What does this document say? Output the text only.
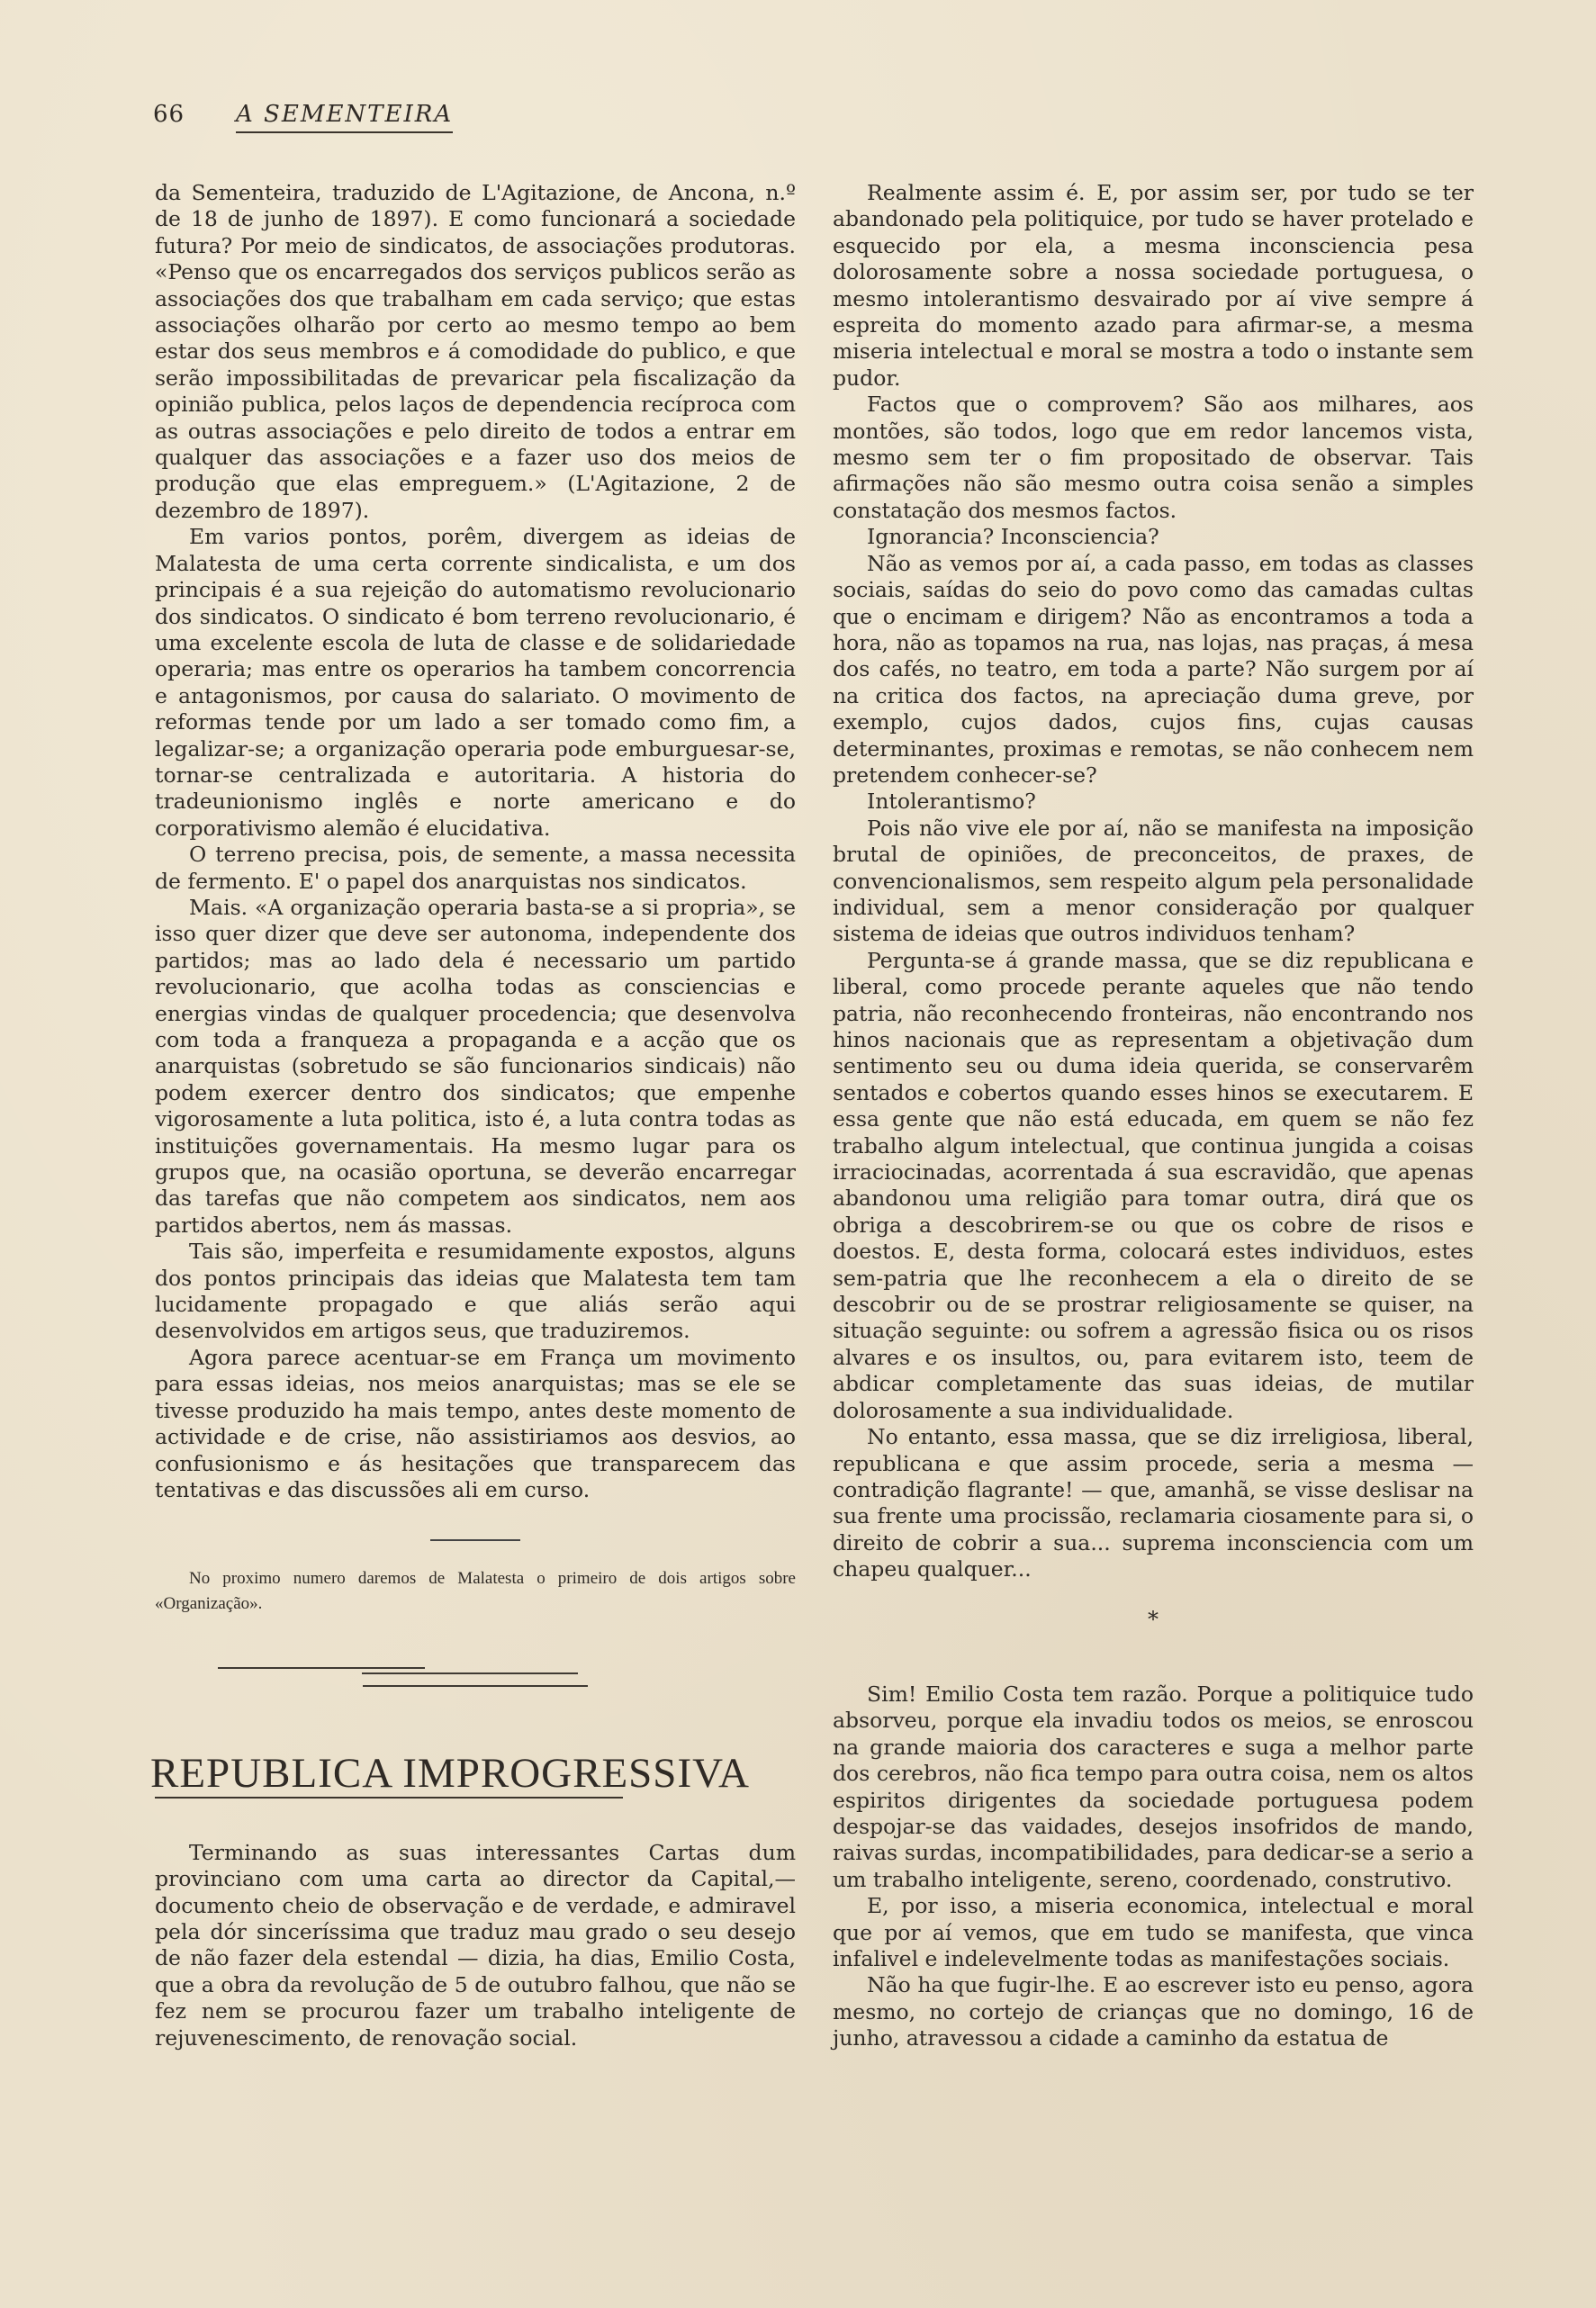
66 A SEMENTEIRA

da Sementeira, traduzido de L'Agitazione, de Ancona, n.º de 18 de junho de 1897). E como funcionará a sociedade futura? Por meio de sindicatos, de associações produtoras. «Penso que os encarregados dos serviços publicos serão as associações dos que trabalham em cada serviço; que estas associações olharão por certo ao mesmo tempo ao bem estar dos seus membros e á comodidade do publico, e que serão impossibilitadas de prevaricar pela fiscalização da opinião publica, pelos laços de dependencia recíproca com as outras associações e pelo direito de todos a entrar em qualquer das associações e a fazer uso dos meios de produção que elas empreguem.» (L'Agitazione, 2 de dezembro de 1897).

Em varios pontos, porêm, divergem as ideias de Malatesta de uma certa corrente sindicalista, e um dos principais é a sua rejeição do automatismo revolucionario dos sindicatos. O sindicato é bom terreno revolucionario, é uma excelente escola de luta de classe e de solidariedade operaria; mas entre os operarios ha tambem concorrencia e antagonismos, por causa do salariato. O movimento de reformas tende por um lado a ser tomado como fim, a legalizar-se; a organização operaria pode emburguesar-se, tornar-se centralizada e autoritaria. A historia do tradeunionismo inglês e norte americano e do corporativismo alemão é elucidativa.

O terreno precisa, pois, de semente, a massa necessita de fermento. E' o papel dos anarquistas nos sindicatos.

Mais. «A organização operaria basta-se a si propria», se isso quer dizer que deve ser autonoma, independente dos partidos; mas ao lado dela é necessario um partido revolucionario, que acolha todas as consciencias e energias vindas de qualquer procedencia; que desenvolva com toda a franqueza a propaganda e a acção que os anarquistas (sobretudo se são funcionarios sindicais) não podem exercer dentro dos sindicatos; que empenhe vigorosamente a luta politica, isto é, a luta contra todas as instituições governamentais. Ha mesmo lugar para os grupos que, na ocasião oportuna, se deverão encarregar das tarefas que não competem aos sindicatos, nem aos partidos abertos, nem ás massas.

Tais são, imperfeita e resumidamente expostos, alguns dos pontos principais das ideias que Malatesta tem tam lucidamente propagado e que aliás serão aqui desenvolvidos em artigos seus, que traduziremos.

Agora parece acentuar-se em França um movimento para essas ideias, nos meios anarquistas; mas se ele se tivesse produzido ha mais tempo, antes deste momento de actividade e de crise, não assistiriamos aos desvios, ao confusionismo e ás hesitações que transparecem das tentativas e das discussões ali em curso.

No proximo numero daremos de Malatesta o primeiro de dois artigos sobre «Organização».

REPUBLICA IMPROGRESSIVA

Terminando as suas interessantes Cartas dum provinciano com uma carta ao director da Capital,— documento cheio de observação e de verdade, e admiravel pela dór sinceríssima que traduz mau grado o seu desejo de não fazer dela estendal — dizia, ha dias, Emilio Costa, que a obra da revolução de 5 de outubro falhou, que não se fez nem se procurou fazer um trabalho inteligente de rejuvenescimento, de renovação social.

Realmente assim é. E, por assim ser, por tudo se ter abandonado pela politiquice, por tudo se haver protelado e esquecido por ela, a mesma inconsciencia pesa dolorosamente sobre a nossa sociedade portuguesa, o mesmo intolerantismo desvairado por aí vive sempre á espreita do momento azado para afirmar-se, a mesma miseria intelectual e moral se mostra a todo o instante sem pudor.

Factos que o comprovem? São aos milhares, aos montões, são todos, logo que em redor lancemos vista, mesmo sem ter o fim propositado de observar. Tais afirmações não são mesmo outra coisa senão a simples constatação dos mesmos factos.

Ignorancia? Inconsciencia?

Não as vemos por aí, a cada passo, em todas as classes sociais, saídas do seio do povo como das camadas cultas que o encimam e dirigem? Não as encontramos a toda a hora, não as topamos na rua, nas lojas, nas praças, á mesa dos cafés, no teatro, em toda a parte? Não surgem por aí na critica dos factos, na apreciação duma greve, por exemplo, cujos dados, cujos fins, cujas causas determinantes, proximas e remotas, se não conhecem nem pretendem conhecer-se?

Intolerantismo?

Pois não vive ele por aí, não se manifesta na imposição brutal de opiniões, de preconceitos, de praxes, de convencionalismos, sem respeito algum pela personalidade individual, sem a menor consideração por qualquer sistema de ideias que outros individuos tenham?

Pergunta-se á grande massa, que se diz republicana e liberal, como procede perante aqueles que não tendo patria, não reconhecendo fronteiras, não encontrando nos hinos nacionais que as representam a objetivação dum sentimento seu ou duma ideia querida, se conservarêm sentados e cobertos quando esses hinos se executarem. E essa gente que não está educada, em quem se não fez trabalho algum intelectual, que continua jungida a coisas irraciocinadas, acorrentada á sua escravidão, que apenas abandonou uma religião para tomar outra, dirá que os obriga a descobrirem-se ou que os cobre de risos e doestos. E, desta forma, colocará estes individuos, estes sem-patria que lhe reconhecem a ela o direito de se descobrir ou de se prostrar religiosamente se quiser, na situação seguinte: ou sofrem a agressão fisica ou os risos alvares e os insultos, ou, para evitarem isto, teem de abdicar completamente das suas ideias, de mutilar dolorosamente a sua individualidade.

No entanto, essa massa, que se diz irreligiosa, liberal, republicana e que assim procede, seria a mesma — contradição flagrante! — que, amanhã, se visse deslisar na sua frente uma procissão, reclamaria ciosamente para si, o direito de cobrir a sua... suprema inconsciencia com um chapeu qualquer...

*

Sim! Emilio Costa tem razão. Porque a politiquice tudo absorveu, porque ela invadiu todos os meios, se enroscou na grande maioria dos caracteres e suga a melhor parte dos cerebros, não fica tempo para outra coisa, nem os altos espiritos dirigentes da sociedade portuguesa podem despojar-se das vaidades, desejos insofridos de mando, raivas surdas, incompatibilidades, para dedicar-se a serio a um trabalho inteligente, sereno, coordenado, construtivo.

E, por isso, a miseria economica, intelectual e moral que por aí vemos, que em tudo se manifesta, que vinca infalivel e indelevelmente todas as manifestações sociais.

Não ha que fugir-lhe. E ao escrever isto eu penso, agora mesmo, no cortejo de crianças que no domingo, 16 de junho, atravessou a cidade a caminho da estatua de
